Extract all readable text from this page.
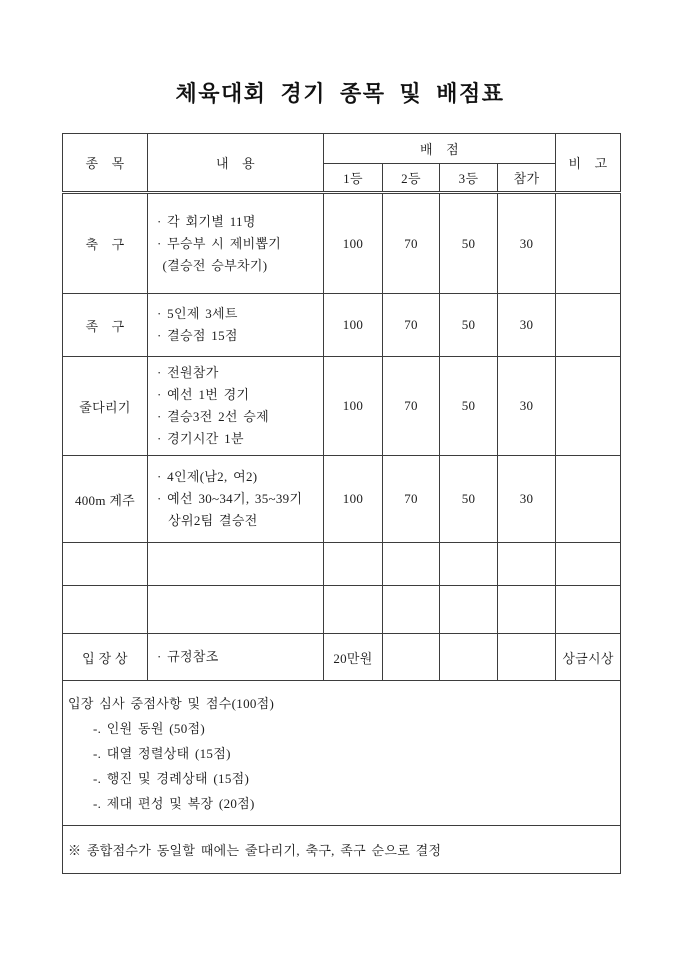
체육대회 경기 종목 및 배점표
종　목	내　용	배　점				비　고
		1등	2등	3등	참가	
축　구	· 각 회기별 11명
· 무승부 시 제비뽑기
(결승전 승부차기)	100	70	50	30	
족　구	· 5인제 3세트
· 결승점 15점	100	70	50	30	
줄다리기	· 전원참가
· 예선 1번 경기
· 결승3전 2선 승제
· 경기시간 1분	100	70	50	30	
400m 계주	· 4인제(남2, 여2)
· 예선 30~34기, 35~39기
상위2팀 결승전	100	70	50	30	

입 장 상	· 규정참조	20만원				상금시상

입장 심사 중점사항 및 점수(100점)
-. 인원 동원 (50점)
-. 대열 정렬상태 (15점)
-. 행진 및 경례상태 (15점)
-. 제대 편성 및 복장 (20점)						

※ 종합점수가 동일할 때에는 줄다리기, 축구, 족구 순으로 결정						
